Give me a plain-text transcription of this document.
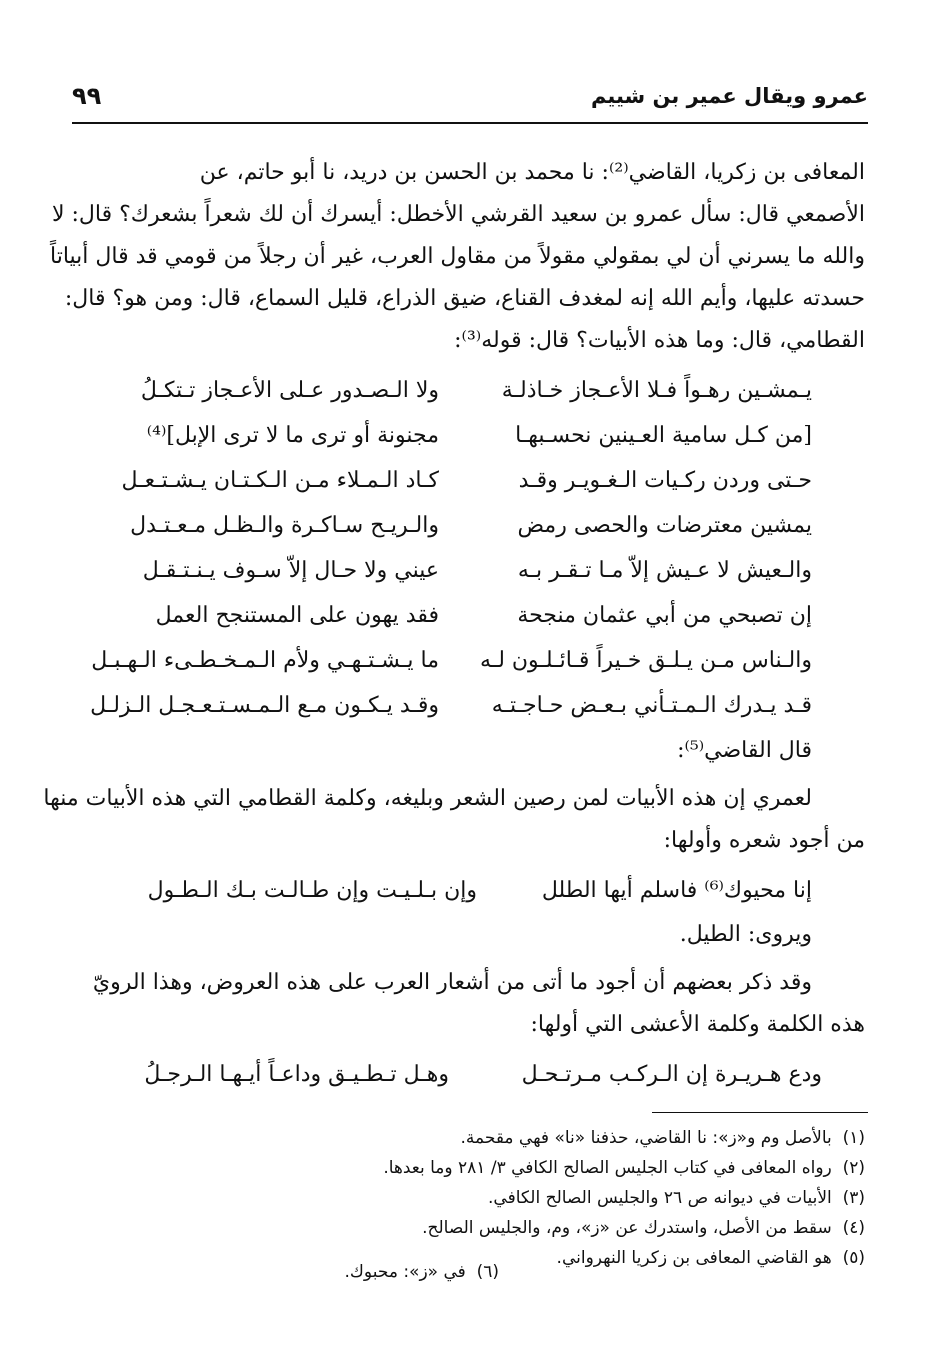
عمرو ويقال عمير بن شييم
٩٩
المعافى بن زكريا، القاضي⁽²⁾: نا محمد بن الحسن بن دريد، نا أبو حاتم، عن
الأصمعي قال: سأل عمرو بن سعيد القرشي الأخطل: أيسرك أن لك شعراً بشعرك؟ قال: لا
والله ما يسرني أن لي بمقولي مقولاً من مقاول العرب، غير أن رجلاً من قومي قد قال أبياتاً
حسدته عليها، وأيم الله إنه لمغدف القناع، ضيق الذراع، قليل السماع، قال: ومن هو؟ قال:
القطامي، قال: وما هذه الأبيات؟ قال: قوله⁽³⁾:
يـمشـين رهـواً فـلا الأعـجاز خـاذلـة
ولا الـصـدور عـلى الأعـجاز تـتكـلُ
[من كـل سامية العـينين نحسـبهـا
مجنونة أو ترى ما لا ترى الإبل]⁽⁴⁾
حـتى وردن ركـيات الـغـويـر وقـد
كـاد الـمـلاء مـن الـكـتـان يـشـتـعـل
يمشين معترضات والحصى رمض
والـريـح سـاكـرة والـظـل مـعـتـدل
والـعيش لا عـيش إلاّ مـا تـقـر بـه
عيني ولا حـال إلاّ سـوف يـنـتـقـل
إن تصبحي من أبي عثمان منجحة
فقد يهون على المستنجح العمل
والـناس مـن يـلـق خـيراً قـائـلـون لـه
ما يـشـتـهـي ولأم الـمـخـطـىء الـهـبـل
قـد يـدرك الـمـتـأني بـعـض حـاجـتـه
وقـد يـكـون مـع الـمـسـتـعـجـل الـزلـل
قال القاضي⁽⁵⁾:
لعمري إن هذه الأبيات لمن رصين الشعر وبليغه، وكلمة القطامي التي هذه الأبيات منها
من أجود شعره وأولها:
إنا محيوك⁽⁶⁾ فاسلم أيها الطلل
وإن بـلـيـت وإن طـالـت بـك الـطـول
ويروى: الطيل.
وقد ذكر بعضهم أن أجود ما أتى من أشعار العرب على هذه العروض، وهذا الرويّ
هذه الكلمة وكلمة الأعشى التي أولها:
ودع هـريـرة إن الـركـب مـرتـحـل
وهـل تـطـيـق وداعـاً أيـهـا الـرجـلُ
(١)  بالأصل وم و«ز»: نا القاضي، حذفنا «نا» فهي مقحمة.
(٢)  رواه المعافى في كتاب الجليس الصالح الكافي ٣/ ٢٨١ وما بعدها.
(٣)  الأبيات في ديوانه ص ٢٦ والجليس الصالح الكافي.
(٤)  سقط من الأصل، واستدرك عن «ز»، وم، والجليس الصالح.
(٥)  هو القاضي المعافى بن زكريا النهرواني.
(٦)  في «ز»: محبوك.
